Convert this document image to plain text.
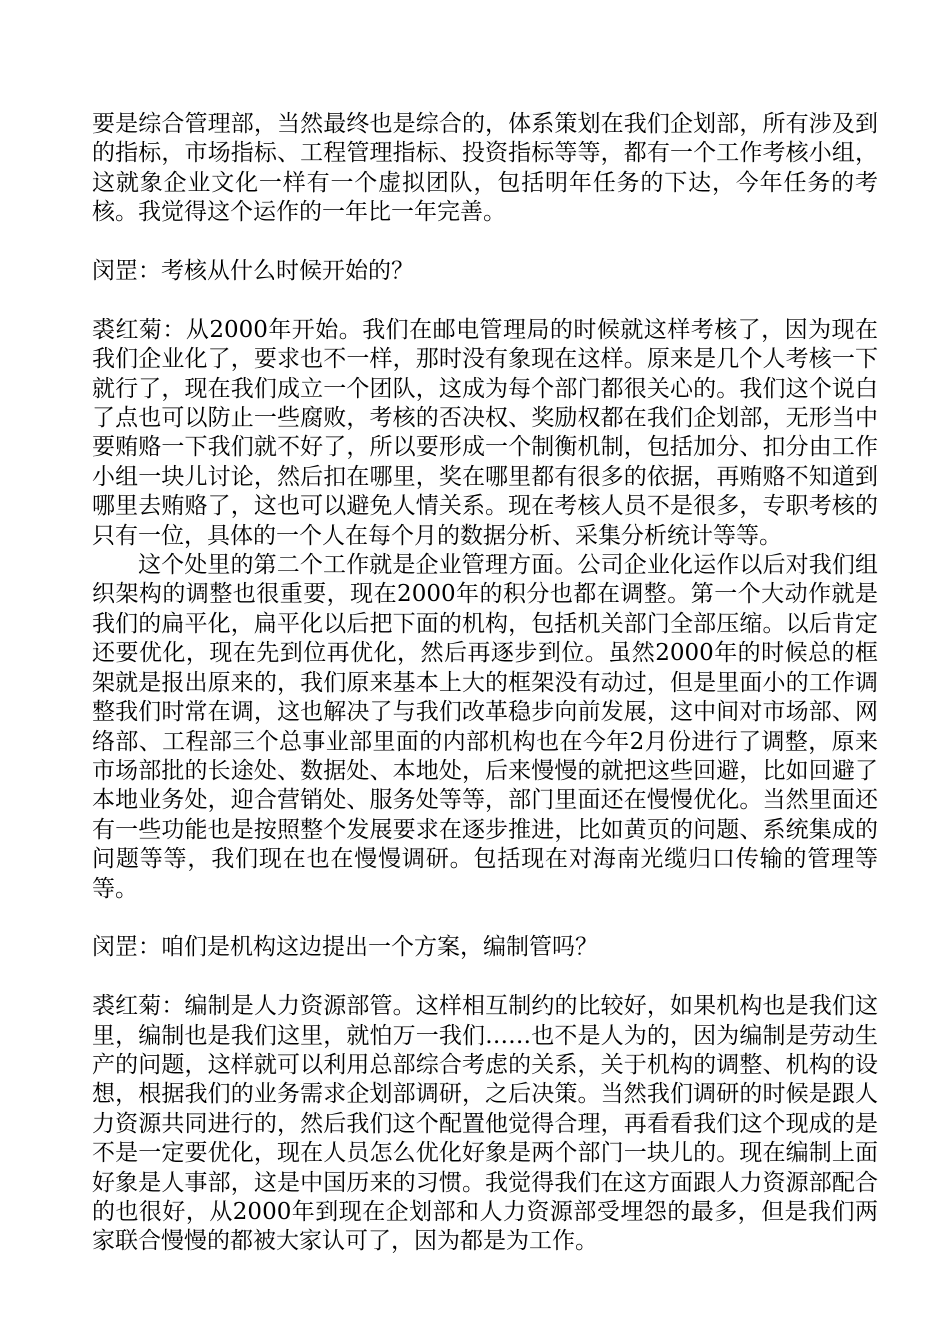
要是综合管理部，当然最终也是综合的，体系策划在我们企划部，所有涉及到的指标，市场指标、工程管理指标、投资指标等等，都有一个工作考核小组，这就象企业文化一样有一个虚拟团队，包括明年任务的下达，今年任务的考核。我觉得这个运作的一年比一年完善。

闵罡：考核从什么时候开始的？

裘红菊：从2000年开始。我们在邮电管理局的时候就这样考核了，因为现在我们企业化了，要求也不一样，那时没有象现在这样。原来是几个人考核一下就行了，现在我们成立一个团队，这成为每个部门都很关心的。我们这个说白了点也可以防止一些腐败，考核的否决权、奖励权都在我们企划部，无形当中要贿赂一下我们就不好了，所以要形成一个制衡机制，包括加分、扣分由工作小组一块儿讨论，然后扣在哪里，奖在哪里都有很多的依据，再贿赂不知道到哪里去贿赂了，这也可以避免人情关系。现在考核人员不是很多，专职考核的只有一位，具体的一个人在每个月的数据分析、采集分析统计等等。

这个处里的第二个工作就是企业管理方面。公司企业化运作以后对我们组织架构的调整也很重要，现在2000年的积分也都在调整。第一个大动作就是我们的扁平化，扁平化以后把下面的机构，包括机关部门全部压缩。以后肯定还要优化，现在先到位再优化，然后再逐步到位。虽然2000年的时候总的框架就是报出原来的，我们原来基本上大的框架没有动过，但是里面小的工作调整我们时常在调，这也解决了与我们改革稳步向前发展，这中间对市场部、网络部、工程部三个总事业部里面的内部机构也在今年2月份进行了调整，原来市场部批的长途处、数据处、本地处，后来慢慢的就把这些回避，比如回避了本地业务处，迎合营销处、服务处等等，部门里面还在慢慢优化。当然里面还有一些功能也是按照整个发展要求在逐步推进，比如黄页的问题、系统集成的问题等等，我们现在也在慢慢调研。包括现在对海南光缆归口传输的管理等等。

闵罡：咱们是机构这边提出一个方案，编制管吗？

裘红菊：编制是人力资源部管。这样相互制约的比较好，如果机构也是我们这里，编制也是我们这里，就怕万一我们……也不是人为的，因为编制是劳动生产的问题，这样就可以利用总部综合考虑的关系，关于机构的调整、机构的设想，根据我们的业务需求企划部调研，之后决策。当然我们调研的时候是跟人力资源共同进行的，然后我们这个配置他觉得合理，再看看我们这个现成的是不是一定要优化，现在人员怎么优化好象是两个部门一块儿的。现在编制上面好象是人事部，这是中国历来的习惯。我觉得我们在这方面跟人力资源部配合的也很好，从2000年到现在企划部和人力资源部受埋怨的最多，但是我们两家联合慢慢的都被大家认可了，因为都是为工作。
